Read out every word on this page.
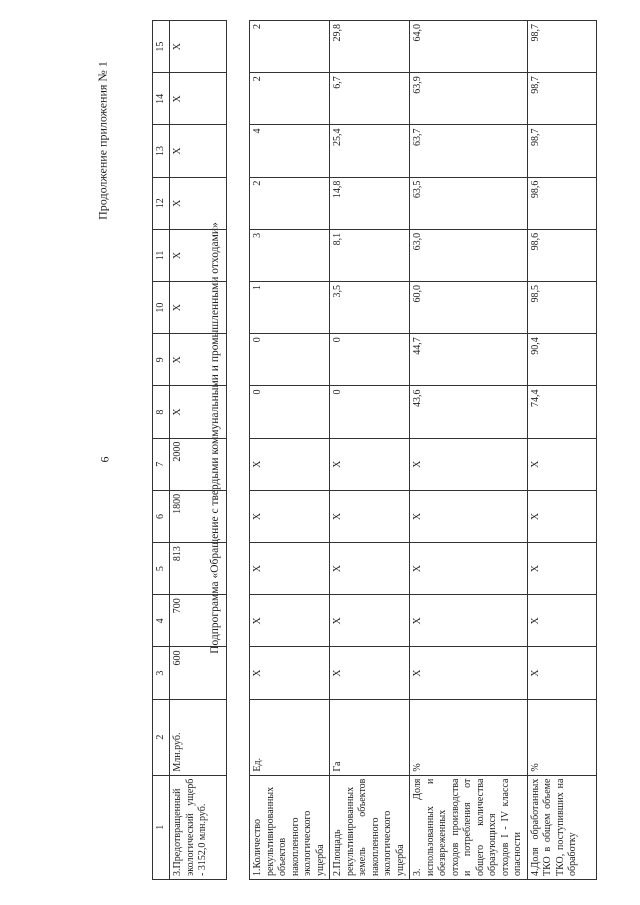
6
Продолжение приложения № 1
Подпрограмма «Обращение с твердыми коммунальными и промышленными отходами»
1	2	3	4	5	6	7	8	9	10	11	12	13	14	15
3.Предотвращенный экологический ущерб - 3152,0 млн.руб.	Млн.руб.	600	700	813	1800	2000	X	X	X	X	X	X	X	X

1.Количество рекультивированных объектов накопленного экологического ущерба	Ед.	X	X	X	X	X	0	0	1	3	2	4	2	2
2.Площадь рекультивированных земель объектов накопленного экологического ущерба	Га	X	X	X	X	X	0	0	3,5	8,1	14,8	25,4	6,7	29,8
3. Доля использованных и обезвреженных отходов производства и потребления от общего количества образующихся отходов I - IV класса опасности	%	X	X	X	X	X	43,6	44,7	60,0	63,0	63,5	63,7	63,9	64,0
4.Доля обработанных ТКО в общем объеме ТКО, поступивших на обработку	%	X	X	X	X	X	74,4	90,4	98,5	98,6	98,6	98,7	98,7	98,7
